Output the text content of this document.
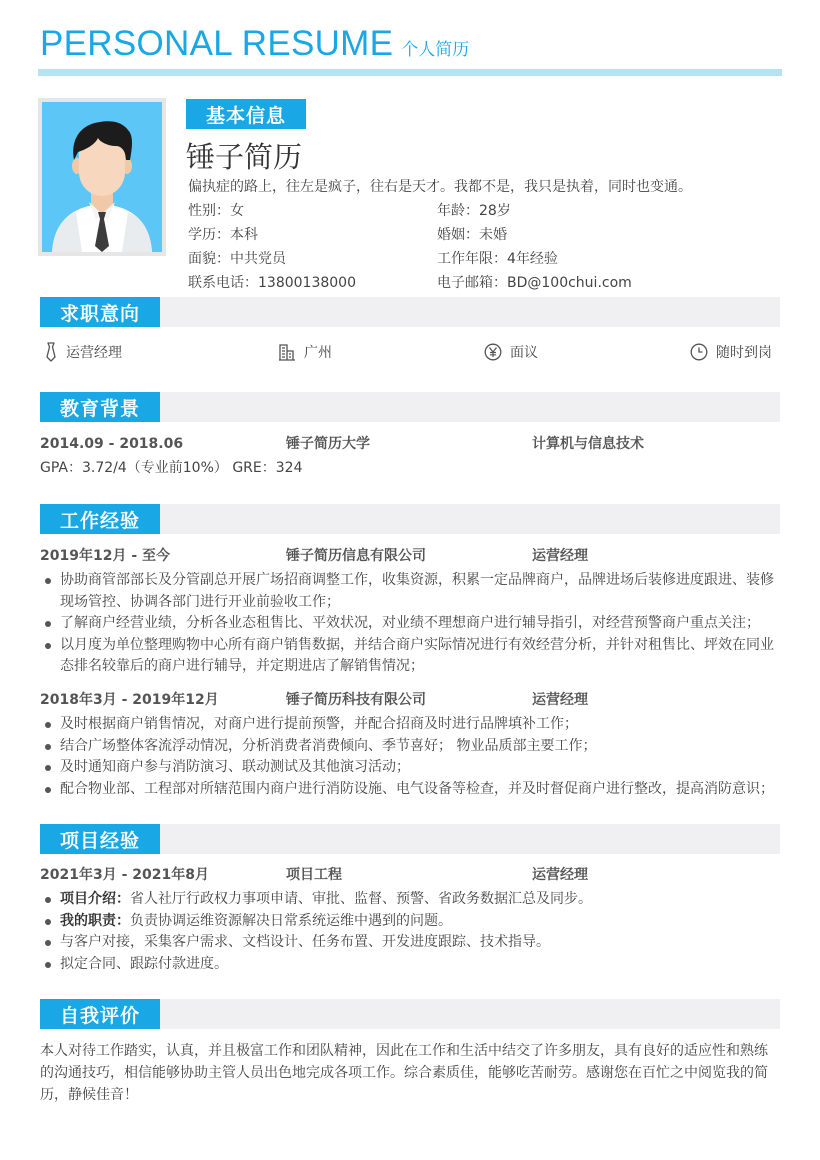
PERSONAL RESUME 个人简历
基本信息
锤子简历
偏执症的路上，往左是疯子，往右是天才。我都不是，我只是执着，同时也变通。
性别：女	年龄：28岁
学历：本科	婚姻：未婚
面貌：中共党员	工作年限：4年经验
联系电话：13800138000	电子邮箱：BD@100chui.com
求职意向
运营经理	广州	面议	随时到岗
教育背景
2014.09 - 2018.06	锤子简历大学	计算机与信息技术
GPA：3.72/4（专业前10%） GRE：324
工作经验
2019年12月 - 至今	锤子简历信息有限公司	运营经理
协助商管部部长及分管副总开展广场招商调整工作，收集资源，积累一定品牌商户，品牌进场后装修进度跟进、装修现场管控、协调各部门进行开业前验收工作；
了解商户经营业绩，分析各业态租售比、平效状况，对业绩不理想商户进行辅导指引，对经营预警商户重点关注；
以月度为单位整理购物中心所有商户销售数据，并结合商户实际情况进行有效经营分析，并针对租售比、坪效在同业态排名较靠后的商户进行辅导，并定期进店了解销售情况；
2018年3月 - 2019年12月	锤子简历科技有限公司	运营经理
及时根据商户销售情况，对商户进行提前预警，并配合招商及时进行品牌填补工作；
结合广场整体客流浮动情况，分析消费者消费倾向、季节喜好； 物业品质部主要工作；
及时通知商户参与消防演习、联动测试及其他演习活动；
配合物业部、工程部对所辖范围内商户进行消防设施、电气设备等检查，并及时督促商户进行整改，提高消防意识；
项目经验
2021年3月 - 2021年8月	项目工程	运营经理
项目介绍：省人社厅行政权力事项申请、审批、监督、预警、省政务数据汇总及同步。
我的职责：负责协调运维资源解决日常系统运维中遇到的问题。
与客户对接，采集客户需求、文档设计、任务布置、开发进度跟踪、技术指导。
拟定合同、跟踪付款进度。
自我评价
本人对待工作踏实，认真，并且极富工作和团队精神，因此在工作和生活中结交了许多朋友，具有良好的适应性和熟练的沟通技巧，相信能够协助主管人员出色地完成各项工作。综合素质佳，能够吃苦耐劳。感谢您在百忙之中阅览我的简历，静候佳音！
